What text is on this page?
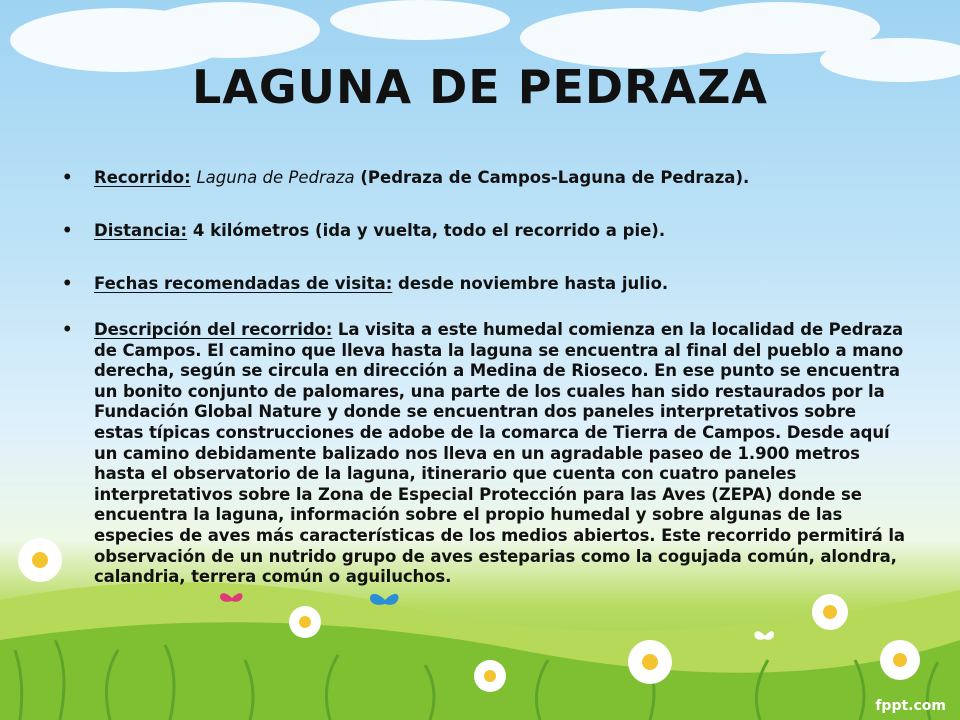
LAGUNA DE PEDRAZA
• Recorrido: Laguna de Pedraza (Pedraza de Campos-Laguna de Pedraza).
• Distancia: 4 kilómetros (ida y vuelta, todo el recorrido a pie).
• Fechas recomendadas de visita: desde noviembre hasta julio.
• Descripción del recorrido: La visita a este humedal comienza en la localidad de Pedraza de Campos. El camino que lleva hasta la laguna se encuentra al final del pueblo a mano derecha, según se circula en dirección a Medina de Rioseco. En ese punto se encuentra un bonito conjunto de palomares, una parte de los cuales han sido restaurados por la Fundación Global Nature y donde se encuentran dos paneles interpretativos sobre estas típicas construcciones de adobe de la comarca de Tierra de Campos. Desde aquí un camino debidamente balizado nos lleva en un agradable paseo de 1.900 metros hasta el observatorio de la laguna, itinerario que cuenta con cuatro paneles interpretativos sobre la Zona de Especial Protección para las Aves (ZEPA) donde se encuentra la laguna, información sobre el propio humedal y sobre algunas de las especies de aves más características de los medios abiertos. Este recorrido permitirá la observación de un nutrido grupo de aves esteparias como la cogujada común, alondra, calandria, terrera común o aguiluchos.
fppt.com
